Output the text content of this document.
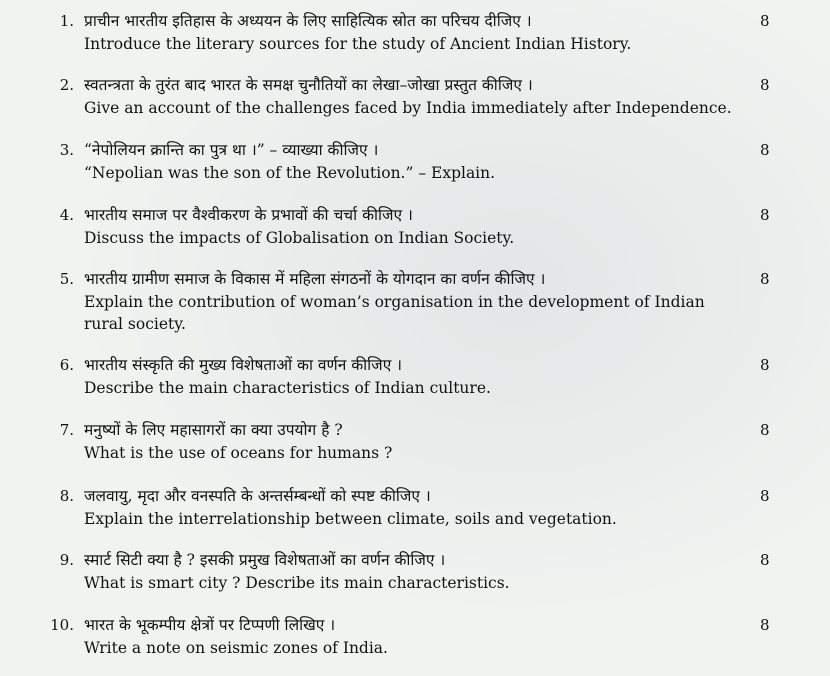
1. प्राचीन भारतीय इतिहास के अध्ययन के लिए साहित्यिक स्रोत का परिचय दीजिए ।
Introduce the literary sources for the study of Ancient Indian History.
8
2. स्वतन्त्रता के तुरंत बाद भारत के समक्ष चुनौतियों का लेखा–जोखा प्रस्तुत कीजिए ।
Give an account of the challenges faced by India immediately after Independence.
8
3. “नेपोलियन क्रान्ति का पुत्र था ।” – व्याख्या कीजिए ।
“Nepolian was the son of the Revolution.” – Explain.
8
4. भारतीय समाज पर वैश्वीकरण के प्रभावों की चर्चा कीजिए ।
Discuss the impacts of Globalisation on Indian Society.
8
5. भारतीय ग्रामीण समाज के विकास में महिला संगठनों के योगदान का वर्णन कीजिए ।
Explain the contribution of woman’s organisation in the development of Indian rural society.
8
6. भारतीय संस्कृति की मुख्य विशेषताओं का वर्णन कीजिए ।
Describe the main characteristics of Indian culture.
8
7. मनुष्यों के लिए महासागरों का क्या उपयोग है ?
What is the use of oceans for humans ?
8
8. जलवायु, मृदा और वनस्पति के अन्तर्सम्बन्धों को स्पष्ट कीजिए ।
Explain the interrelationship between climate, soils and vegetation.
8
9. स्मार्ट सिटी क्या है ? इसकी प्रमुख विशेषताओं का वर्णन कीजिए ।
What is smart city ? Describe its main characteristics.
8
10. भारत के भूकम्पीय क्षेत्रों पर टिप्पणी लिखिए ।
Write a note on seismic zones of India.
8
